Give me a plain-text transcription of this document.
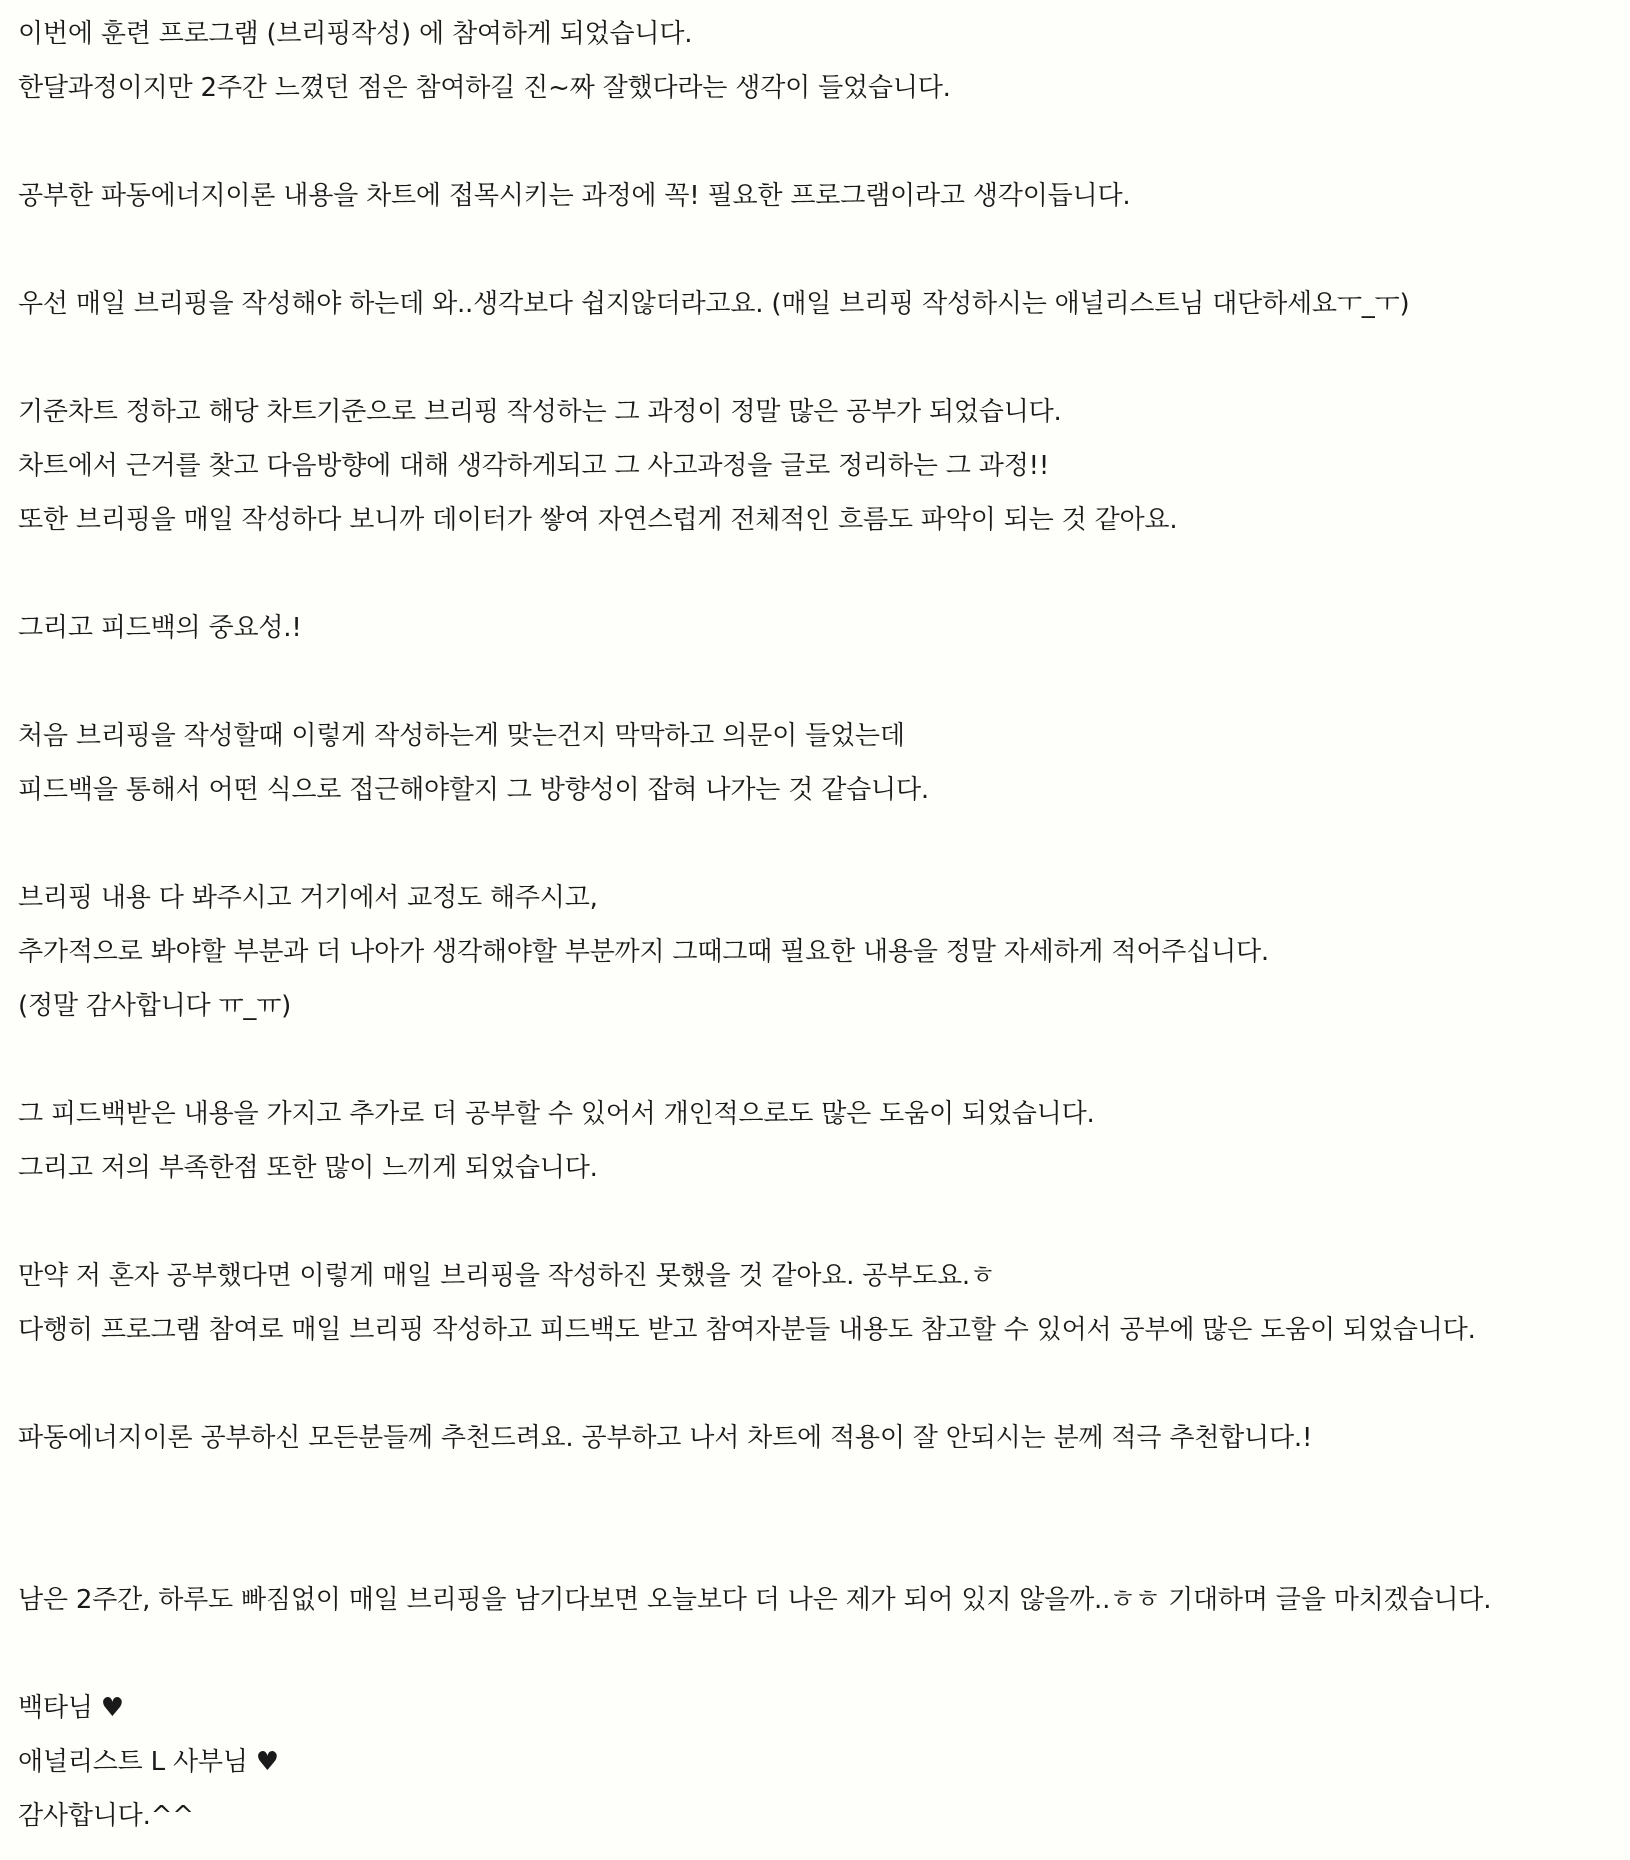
이번에 훈련 프로그램 (브리핑작성) 에 참여하게 되었습니다.
한달과정이지만 2주간 느꼈던 점은 참여하길 진~짜 잘했다라는 생각이 들었습니다.
공부한 파동에너지이론 내용을 차트에 접목시키는 과정에 꼭! 필요한 프로그램이라고 생각이듭니다.
우선 매일 브리핑을 작성해야 하는데 와..생각보다 쉽지않더라고요. (매일 브리핑 작성하시는 애널리스트님 대단하세요ㅜ_ㅜ)
기준차트 정하고 해당 차트기준으로 브리핑 작성하는 그 과정이 정말 많은 공부가 되었습니다.
차트에서 근거를 찾고 다음방향에 대해 생각하게되고 그 사고과정을 글로 정리하는 그 과정!!
또한 브리핑을 매일 작성하다 보니까 데이터가 쌓여 자연스럽게 전체적인 흐름도 파악이 되는 것 같아요.
그리고 피드백의 중요성.!
처음 브리핑을 작성할때 이렇게 작성하는게 맞는건지 막막하고 의문이 들었는데
피드백을 통해서 어떤 식으로 접근해야할지 그 방향성이 잡혀 나가는 것 같습니다.
브리핑 내용 다 봐주시고 거기에서 교정도 해주시고,
추가적으로 봐야할 부분과 더 나아가 생각해야할 부분까지 그때그때 필요한 내용을 정말 자세하게 적어주십니다.
(정말 감사합니다 ㅠ_ㅠ)
그 피드백받은 내용을 가지고 추가로 더 공부할 수 있어서 개인적으로도 많은 도움이 되었습니다.
그리고 저의 부족한점 또한 많이 느끼게 되었습니다.
만약 저 혼자 공부했다면 이렇게 매일 브리핑을 작성하진 못했을 것 같아요. 공부도요.ㅎ
다행히 프로그램 참여로 매일 브리핑 작성하고 피드백도 받고 참여자분들 내용도 참고할 수 있어서 공부에 많은 도움이 되었습니다.
파동에너지이론 공부하신 모든분들께 추천드려요. 공부하고 나서 차트에 적용이 잘 안되시는 분께 적극 추천합니다.!
남은 2주간, 하루도 빠짐없이 매일 브리핑을 남기다보면 오늘보다 더 나은 제가 되어 있지 않을까..ㅎㅎ 기대하며 글을 마치겠습니다.
백타님 ♥
애널리스트 L 사부님 ♥
감사합니다.^^
